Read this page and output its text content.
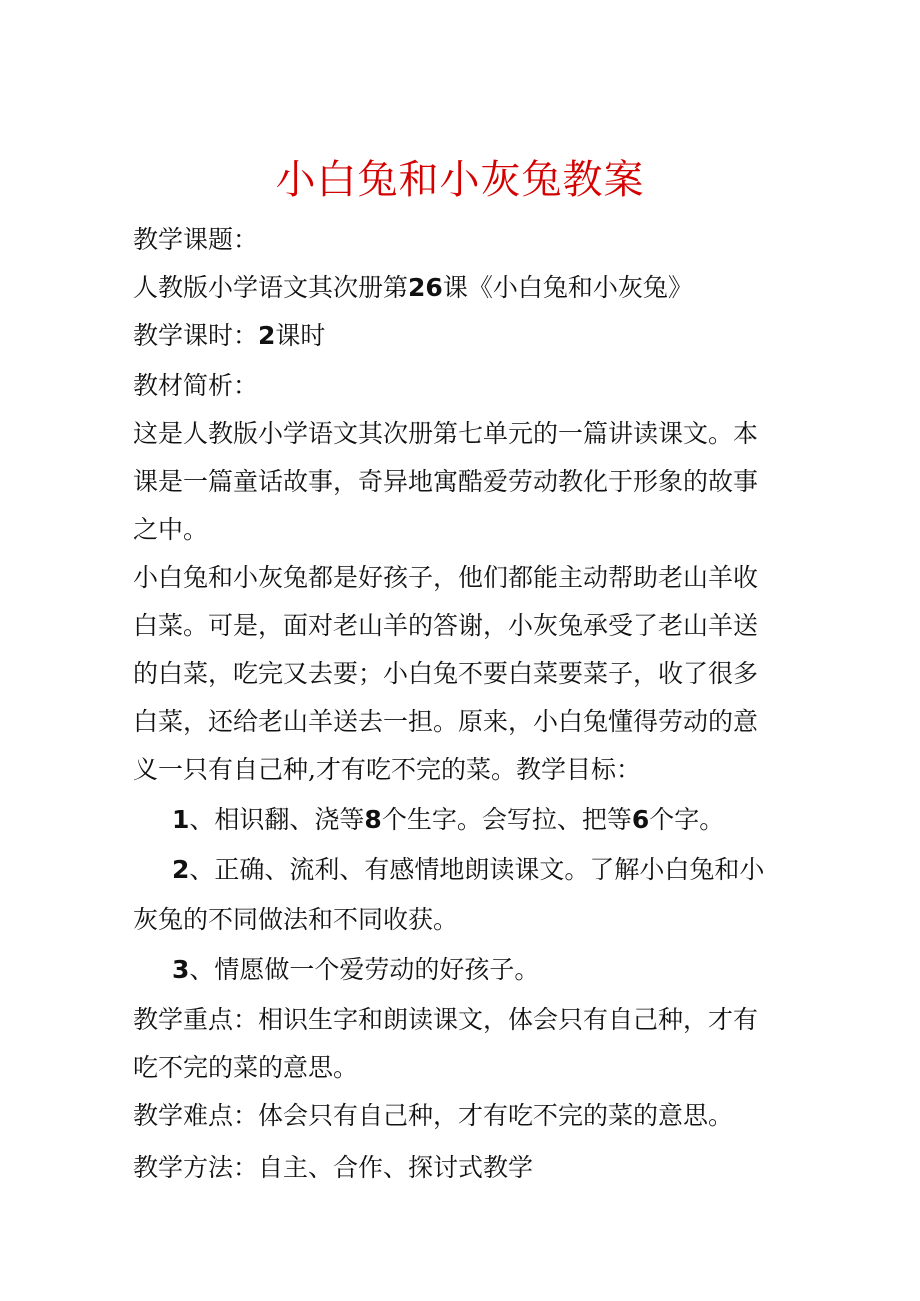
小白兔和小灰兔教案
教学课题：
人教版小学语文其次册第26课《小白兔和小灰兔》
教学课时：2课时
教材简析：
这是人教版小学语文其次册第七单元的一篇讲读课文。本
课是一篇童话故事，奇异地寓酷爱劳动教化于形象的故事
之中。
小白兔和小灰兔都是好孩子，他们都能主动帮助老山羊收
白菜。可是，面对老山羊的答谢，小灰兔承受了老山羊送
的白菜，吃完又去要；小白兔不要白菜要菜子，收了很多
白菜，还给老山羊送去一担。原来，小白兔懂得劳动的意
义一只有自己种,才有吃不完的菜。教学目标：
1、相识翻、浇等8个生字。会写拉、把等6个字。
2、正确、流利、有感情地朗读课文。了解小白兔和小
灰兔的不同做法和不同收获。
3、情愿做一个爱劳动的好孩子。
教学重点：相识生字和朗读课文，体会只有自己种，才有
吃不完的菜的意思。
教学难点：体会只有自己种，才有吃不完的菜的意思。
教学方法：自主、合作、探讨式教学
